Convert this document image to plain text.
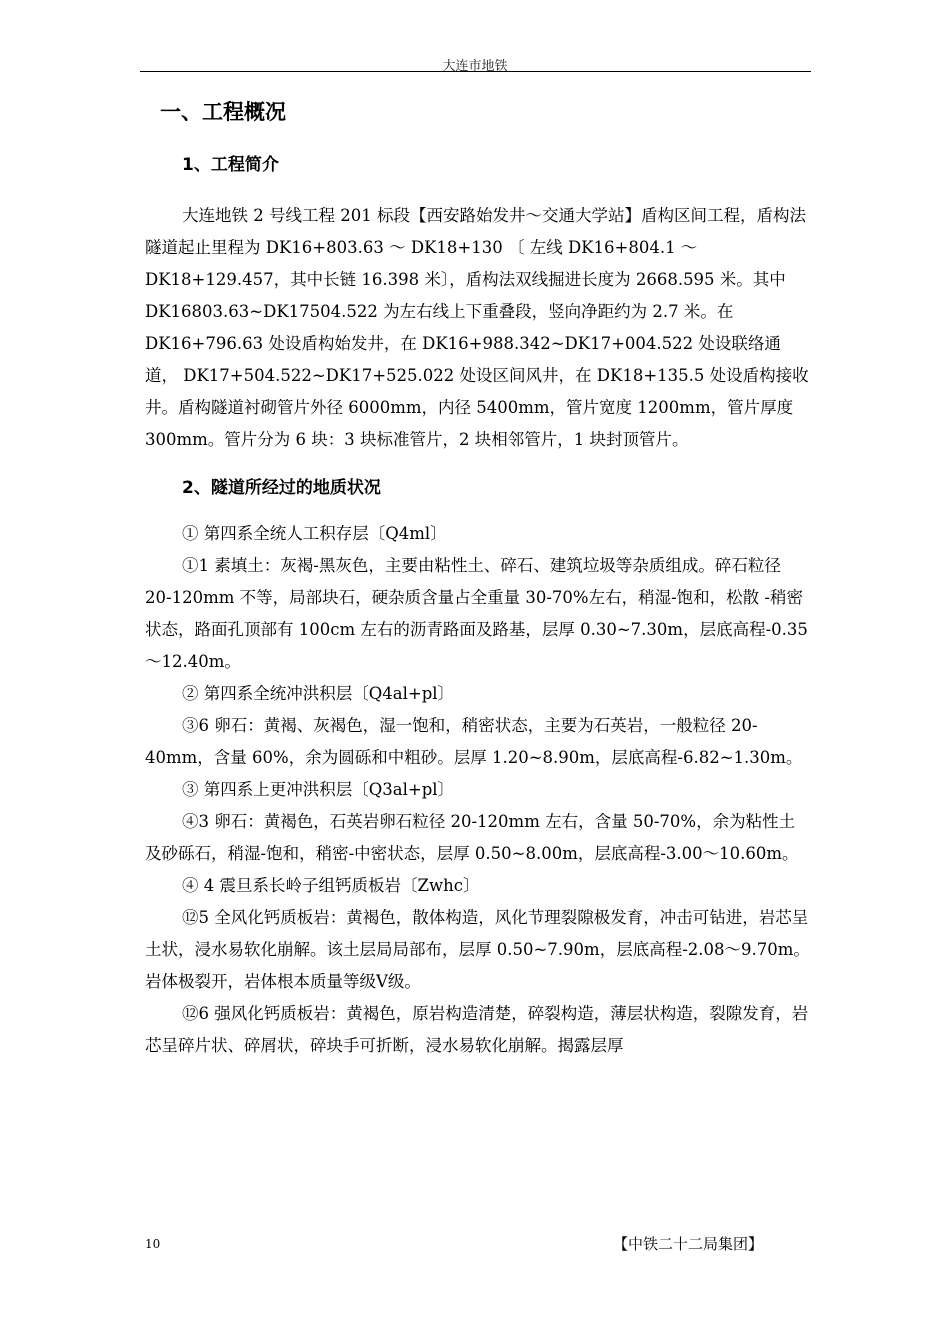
大连市地铁
一、工程概况
1、工程简介

大连地铁 2 号线工程 201 标段【西安路始发井～交通大学站】盾构区间工程，盾构法隧道起止里程为 DK16+803.63 ～ DK18+130 〔 左线 DK16+804.1 ～ DK18+129.457，其中长链 16.398 米〕，盾构法双线掘进长度为 2668.595 米。其中 DK16803.63~DK17504.522 为左右线上下重叠段，竖向净距约为 2.7 米。在DK16+796.63 处设盾构始发井，在 DK16+988.342~DK17+004.522 处设联络通道， DK17+504.522~DK17+525.022 处设区间风井，在 DK18+135.5 处设盾构接收井。盾构隧道衬砌管片外径 6000mm，内径 5400mm，管片宽度 1200mm，管片厚度 300mm。管片分为 6 块：3 块标准管片，2 块相邻管片，1 块封顶管片。

2、隧道所经过的地质状况

① 第四系全统人工积存层〔Q4ml〕

①1 素填土：灰褐-黑灰色，主要由粘性土、碎石、建筑垃圾等杂质组成。碎石粒径 20-120mm 不等，局部块石，硬杂质含量占全重量 30-70%左右，稍湿-饱和，松散 -稍密状态，路面孔顶部有 100cm 左右的沥青路面及路基，层厚 0.30~7.30m，层底高程-0.35～12.40m。

② 第四系全统冲洪积层〔Q4al+pl〕

③6 卵石：黄褐、灰褐色，湿一饱和，稍密状态，主要为石英岩，一般粒径 20-40mm，含量 60%，余为圆砾和中粗砂。层厚 1.20~8.90m，层底高程-6.82~1.30m。

③ 第四系上更冲洪积层〔Q3al+pl〕

④3 卵石：黄褐色，石英岩卵石粒径 20-120mm 左右，含量 50-70%，余为粘性土及砂砾石，稍湿-饱和，稍密-中密状态，层厚 0.50~8.00m，层底高程-3.00～10.60m。

④ 4 震旦系长岭子组钙质板岩〔Zwhc〕

⑫5 全风化钙质板岩：黄褐色，散体构造，风化节理裂隙极发育，冲击可钻进，岩芯呈土状，浸水易软化崩解。该土层局局部布，层厚 0.50~7.90m，层底高程-2.08～9.70m。岩体极裂开，岩体根本质量等级Ⅴ级。

⑫6 强风化钙质板岩：黄褐色，原岩构造清楚，碎裂构造，薄层状构造，裂隙发育，岩芯呈碎片状、碎屑状，碎块手可折断，浸水易软化崩解。揭露层厚

10	【中铁二十二局集团】
